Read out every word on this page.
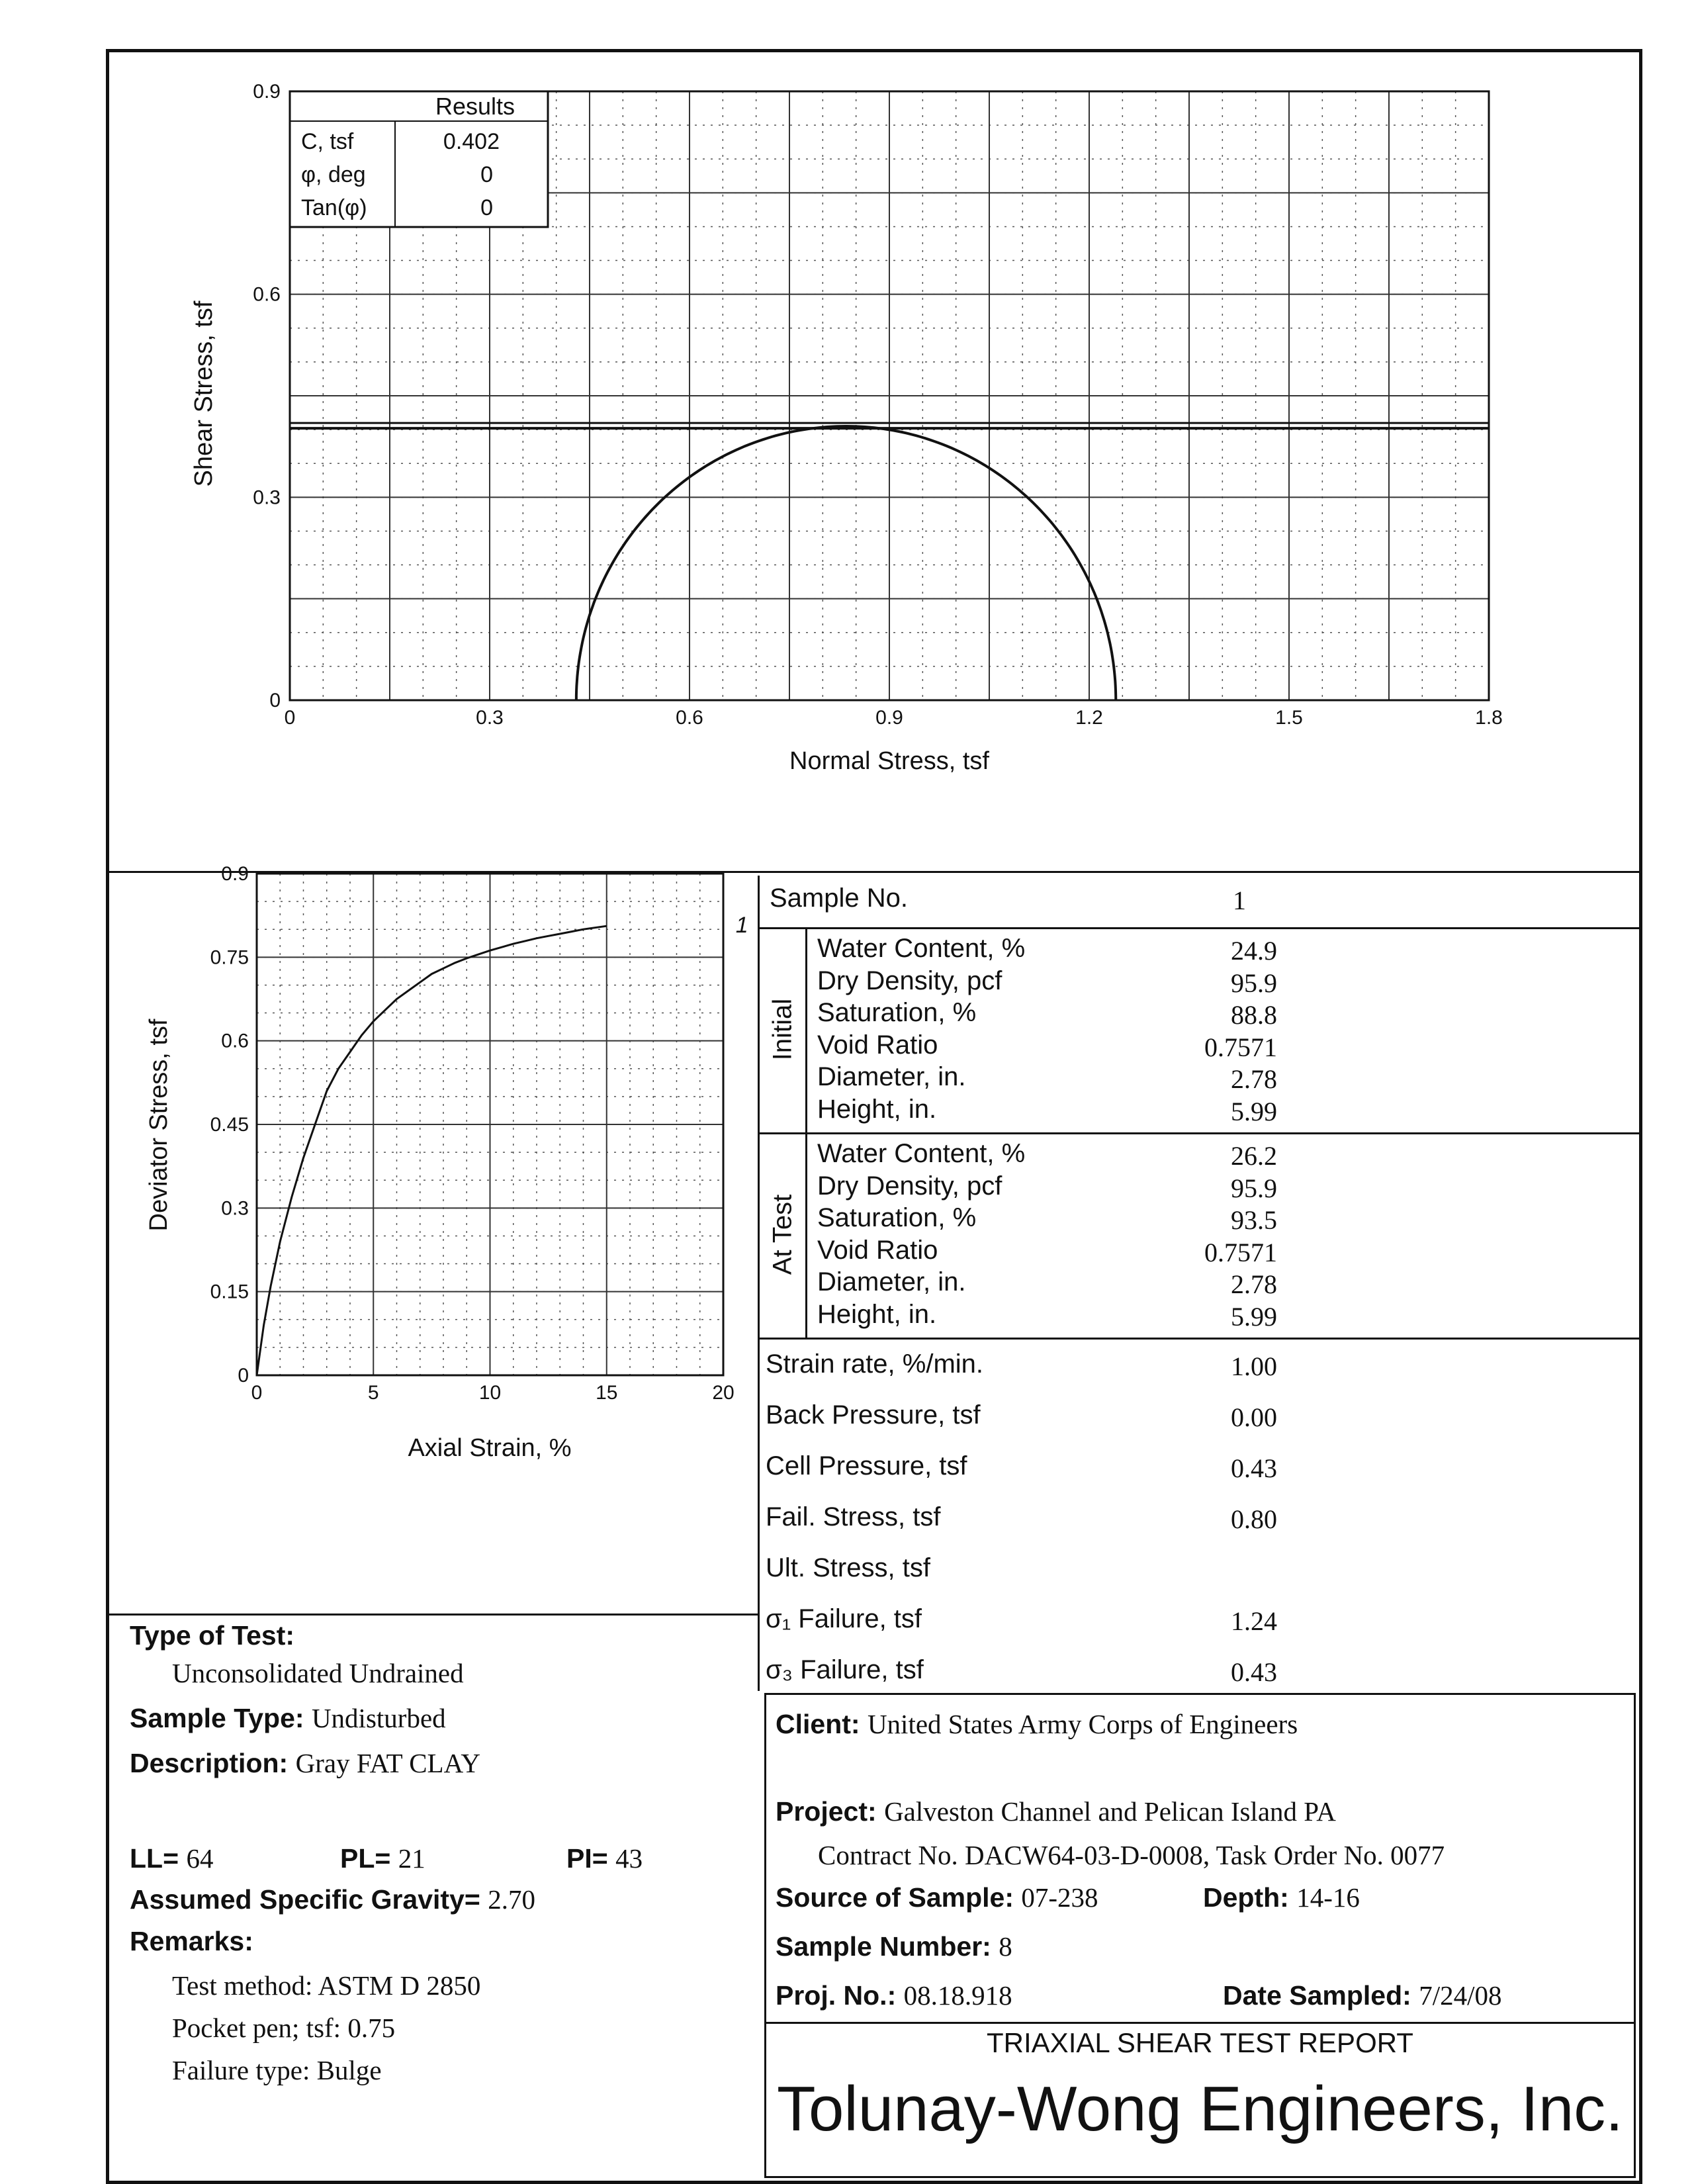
0	0.3	0.6	0.9	1.2	1.5	1.8
0
0.3
0.6
0.9
Normal Stress, tsf
Shear Stress, tsf
Results
C, tsf	0.402
φ, deg	0
Tan(φ)	0
0	5	10	15	20
0
0.15
0.3
0.45
0.6
0.75
0.9
1
Axial Strain, %
Deviator Stress, tsf
Sample No.	1
Initial
Water Content, %	24.9
Dry Density, pcf	95.9
Saturation, %	88.8
Void Ratio	0.7571
Diameter, in.	2.78
Height, in.	5.99
At Test
Water Content, %	26.2
Dry Density, pcf	95.9
Saturation, %	93.5
Void Ratio	0.7571
Diameter, in.	2.78
Height, in.	5.99
Strain rate, %/min.	1.00
Back Pressure, tsf	0.00
Cell Pressure, tsf	0.43
Fail. Stress, tsf	0.80
Ult. Stress, tsf
σ₁ Failure, tsf	1.24
σ₃ Failure, tsf	0.43
Type of Test:
Unconsolidated Undrained
Sample Type: Undisturbed
Description: Gray FAT CLAY
LL= 64	PL= 21	PI= 43
Assumed Specific Gravity= 2.70
Remarks:
Test method: ASTM D 2850
Pocket pen; tsf: 0.75
Failure type: Bulge
Client: United States Army Corps of Engineers
Project: Galveston Channel and Pelican Island PA
Contract No. DACW64-03-D-0008, Task Order No. 0077
Source of Sample: 07-238	Depth: 14-16
Sample Number: 8
Proj. No.: 08.18.918	Date Sampled: 7/24/08
TRIAXIAL SHEAR TEST REPORT
Tolunay-Wong Engineers, Inc.
